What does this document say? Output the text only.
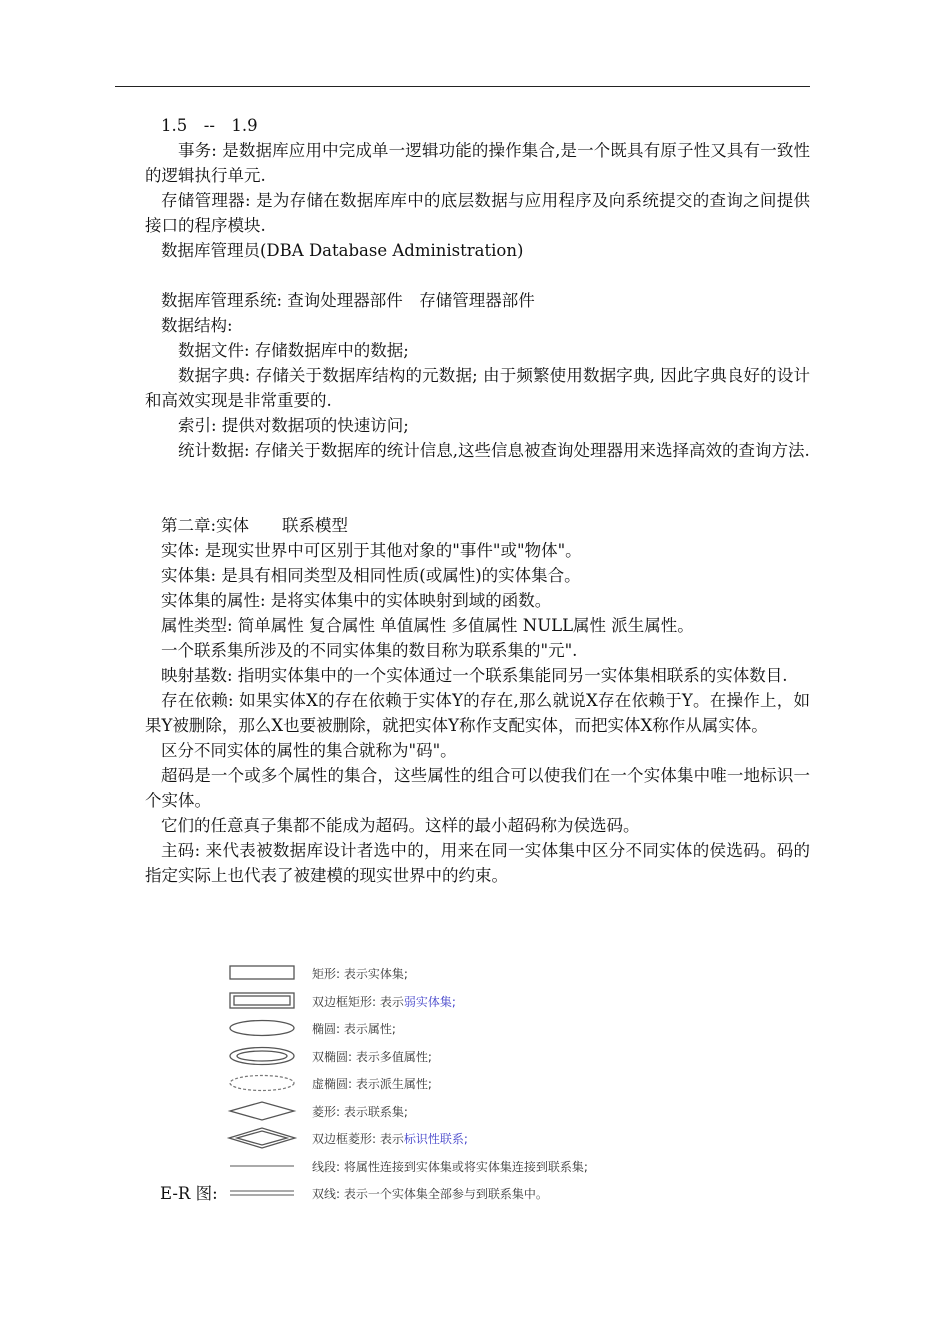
1.5　--　1.9

事务: 是数据库应用中完成单一逻辑功能的操作集合,是一个既具有原子性又具有一致性的逻辑执行单元.

存储管理器: 是为存储在数据库库中的底层数据与应用程序及向系统提交的查询之间提供接口的程序模块.

数据库管理员(DBA Database Administration)

数据库管理系统: 查询处理器部件　存储管理器部件

数据结构:

数据文件: 存储数据库中的数据;

数据字典: 存储关于数据库结构的元数据; 由于频繁使用数据字典, 因此字典良好的设计和高效实现是非常重要的.

索引: 提供对数据项的快速访问;

统计数据: 存储关于数据库的统计信息,这些信息被查询处理器用来选择高效的查询方法.

第二章:实体　　联系模型

实体: 是现实世界中可区别于其他对象的"事件"或"物体"。

实体集: 是具有相同类型及相同性质(或属性)的实体集合。

实体集的属性: 是将实体集中的实体映射到域的函数。

属性类型: 简单属性 复合属性 单值属性 多值属性 NULL属性 派生属性。

一个联系集所涉及的不同实体集的数目称为联系集的"元".

映射基数: 指明实体集中的一个实体通过一个联系集能同另一实体集相联系的实体数目.

存在依赖: 如果实体X的存在依赖于实体Y的存在,那么就说X存在依赖于Y。在操作上，如果Y被删除，那么X也要被删除，就把实体Y称作支配实体，而把实体X称作从属实体。

区分不同实体的属性的集合就称为"码"。

超码是一个或多个属性的集合，这些属性的组合可以使我们在一个实体集中唯一地标识一个实体。

它们的任意真子集都不能成为超码。这样的最小超码称为侯选码。

主码: 来代表被数据库设计者选中的，用来在同一实体集中区分不同实体的侯选码。码的指定实际上也代表了被建模的现实世界中的约束。

矩形: 表示实体集;
双边框矩形: 表示弱实体集;
椭圆: 表示属性;
双椭圆: 表示多值属性;
虚椭圆: 表示派生属性;
菱形: 表示联系集;
双边框菱形: 表示标识性联系;
线段: 将属性连接到实体集或将实体集连接到联系集;
双线: 表示一个实体集全部参与到联系集中。
E-R 图:
